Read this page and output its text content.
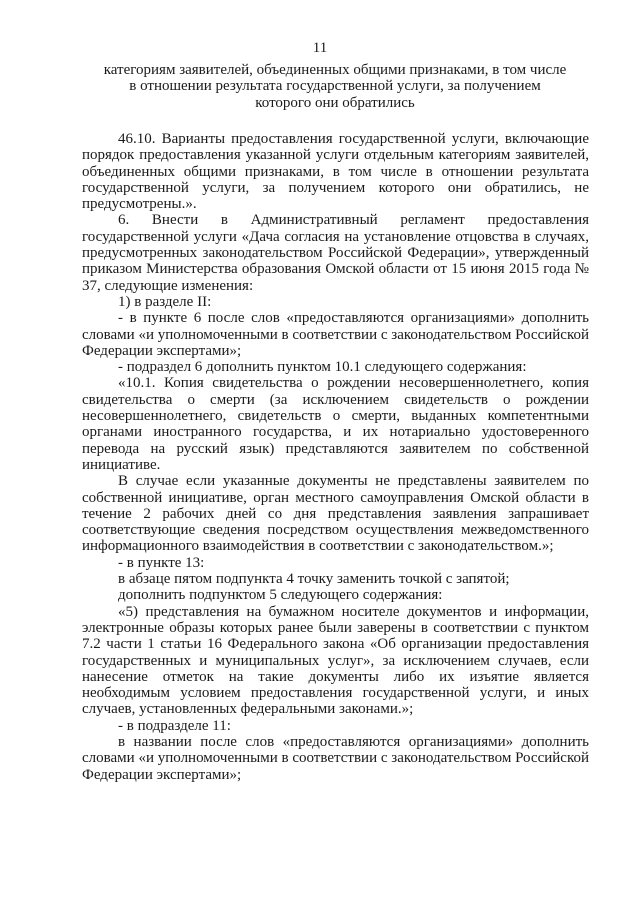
11
категориям заявителей, объединенных общими признаками, в том числе в отношении результата государственной услуги, за получением которого они обратились

46.10. Варианты предоставления государственной услуги, включающие порядок предоставления указанной услуги отдельным категориям заявителей, объединенных общими признаками, в том числе в отношении результата государственной услуги, за получением которого они обратились, не предусмотрены.».

6. Внести в Административный регламент предоставления государственной услуги «Дача согласия на установление отцовства в случаях, предусмотренных законодательством Российской Федерации», утвержденный приказом Министерства образования Омской области от 15 июня 2015 года № 37, следующие изменения:

1) в разделе II:

- в пункте 6 после слов «предоставляются организациями» дополнить словами «и уполномоченными в соответствии с законодательством Российской Федерации экспертами»;

- подраздел 6 дополнить пунктом 10.1 следующего содержания:

«10.1. Копия свидетельства о рождении несовершеннолетнего, копия свидетельства о смерти (за исключением свидетельств о рождении несовершеннолетнего, свидетельств о смерти, выданных компетентными органами иностранного государства, и их нотариально удостоверенного перевода на русский язык) представляются заявителем по собственной инициативе.

В случае если указанные документы не представлены заявителем по собственной инициативе, орган местного самоуправления Омской области в течение 2 рабочих дней со дня представления заявления запрашивает соответствующие сведения посредством осуществления межведомственного информационного взаимодействия в соответствии с законодательством.»;

- в пункте 13:

в абзаце пятом подпункта 4 точку заменить точкой с запятой;

дополнить подпунктом 5 следующего содержания:

«5) представления на бумажном носителе документов и информации, электронные образы которых ранее были заверены в соответствии с пунктом 7.2 части 1 статьи 16 Федерального закона «Об организации предоставления государственных и муниципальных услуг», за исключением случаев, если нанесение отметок на такие документы либо их изъятие является необходимым условием предоставления государственной услуги, и иных случаев, установленных федеральными законами.»;

- в подразделе 11:

в названии после слов «предоставляются организациями» дополнить словами «и уполномоченными в соответствии с законодательством Российской Федерации экспертами»;
